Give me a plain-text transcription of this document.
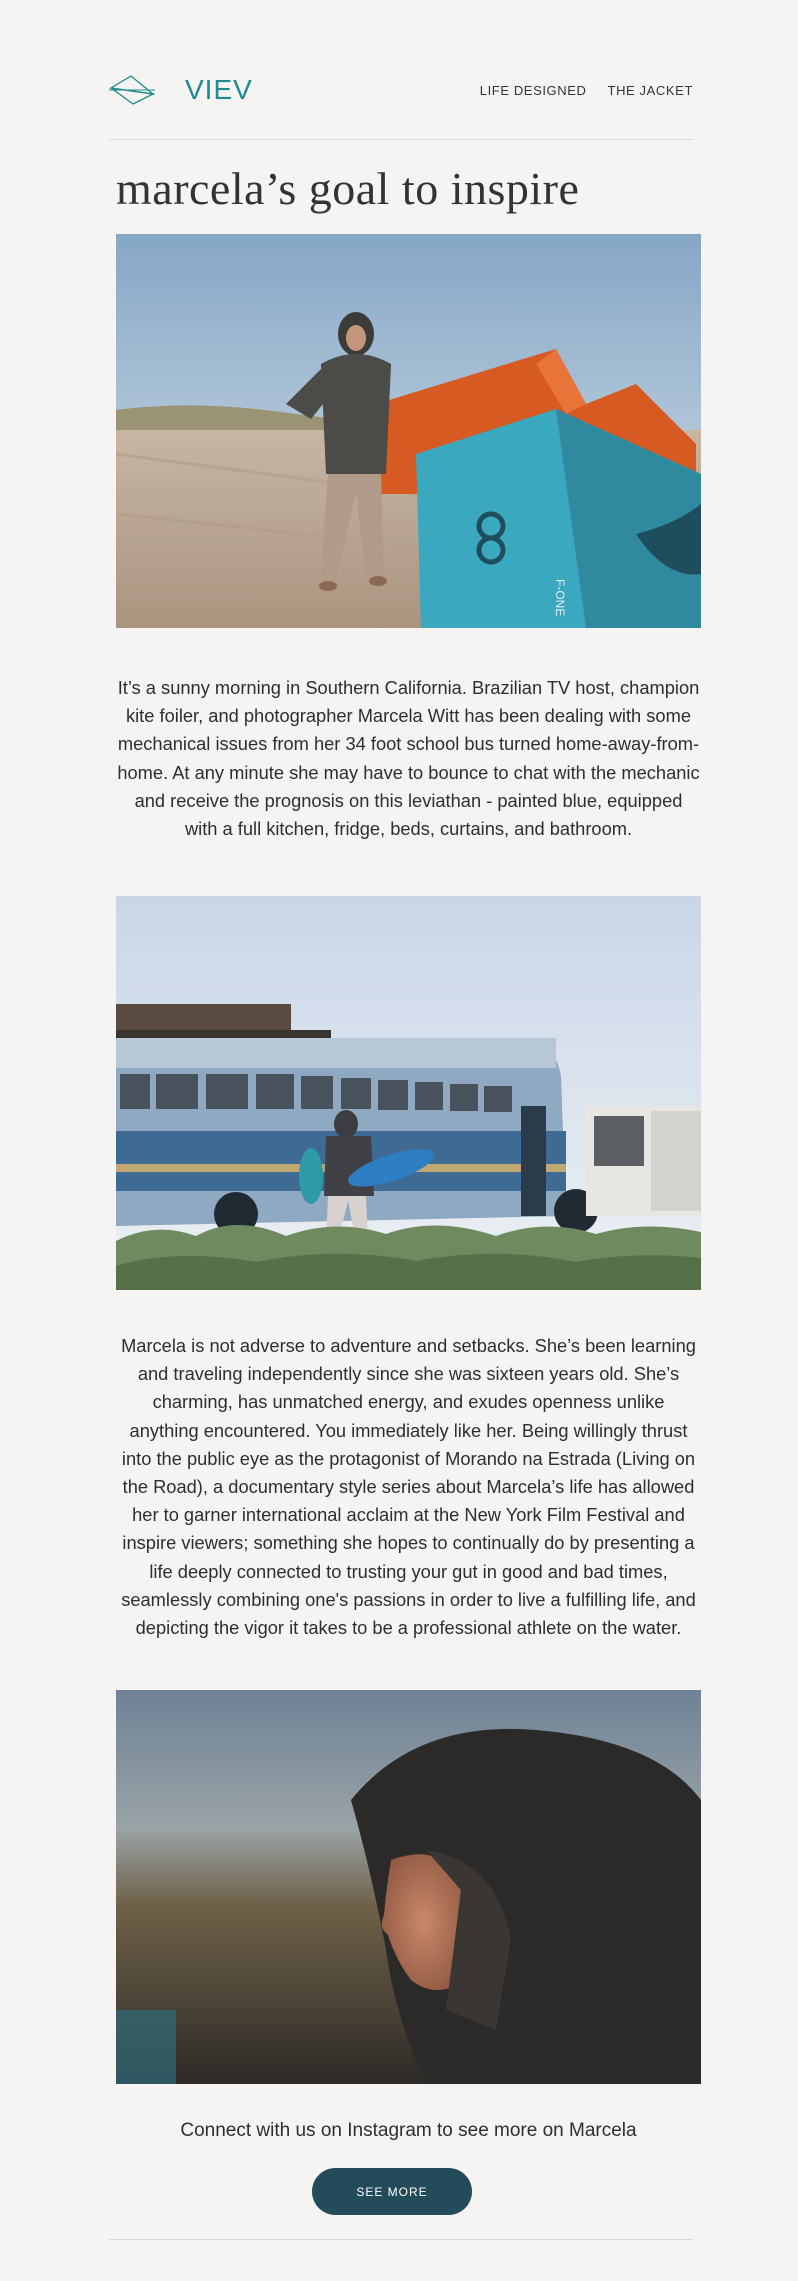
VIEV	LIFE DESIGNED THE JACKET
marcela’s goal to inspire
F-ONE

It’s a sunny morning in Southern California. Brazilian TV host, champion kite foiler, and photographer Marcela Witt has been dealing with some mechanical issues from her 34 foot school bus turned home-away-from-home. At any minute she may have to bounce to chat with the mechanic and receive the prognosis on this leviathan - painted blue, equipped with a full kitchen, fridge, beds, curtains, and bathroom.

Marcela is not adverse to adventure and setbacks. She’s been learning and traveling independently since she was sixteen years old. She’s charming, has unmatched energy, and exudes openness unlike anything encountered. You immediately like her. Being willingly thrust into the public eye as the protagonist of Morando na Estrada (Living on the Road), a documentary style series about Marcela’s life has allowed her to garner international acclaim at the New York Film Festival and inspire viewers; something she hopes to continually do by presenting a life deeply connected to trusting your gut in good and bad times, seamlessly combining one's passions in order to live a fulfilling life, and depicting the vigor it takes to be a professional athlete on the water.

Connect with us on Instagram to see more on Marcela

SEE MORE
